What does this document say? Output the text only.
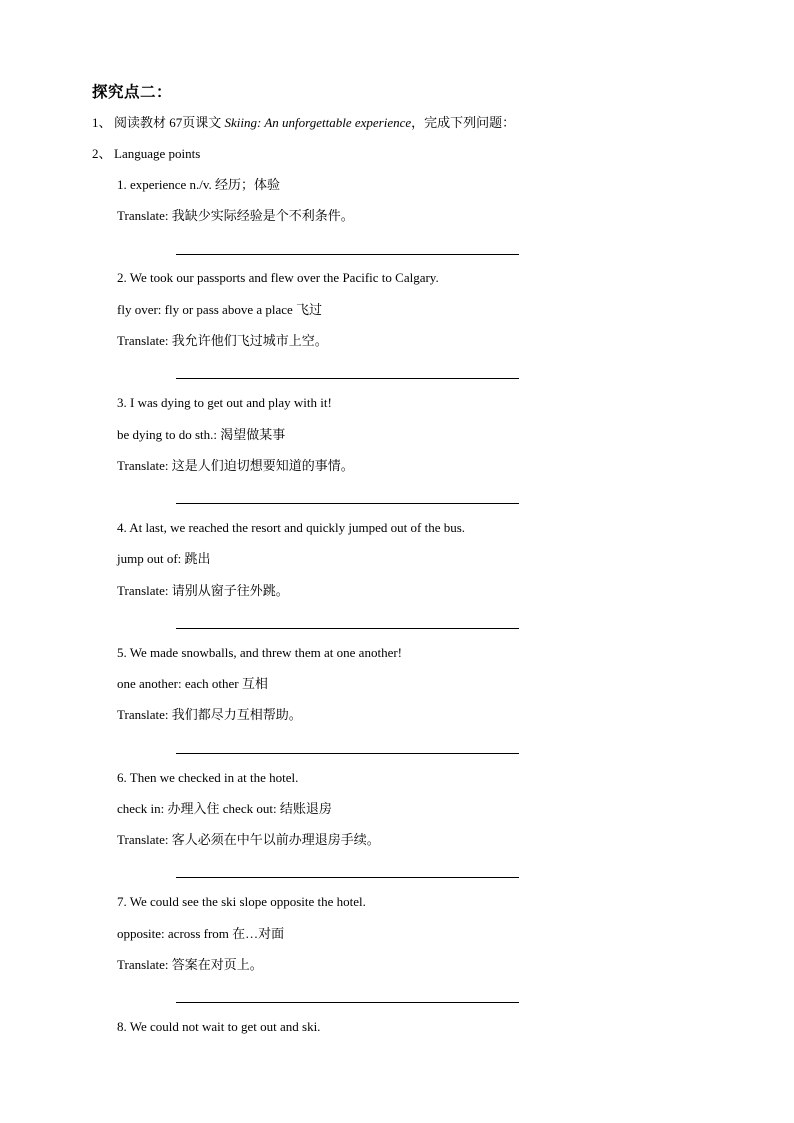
探究点二：
1、 阅读教材 67页课文 Skiing: An unforgettable experience，完成下列问题：
2、 Language points
1. experience n./v. 经历；体验
Translate: 我缺少实际经验是个不利条件。
2. We took our passports and flew over the Pacific to Calgary.
fly over: fly or pass above a place 飞过
Translate: 我允许他们飞过城市上空。
3. I was dying to get out and play with it!
be dying to do sth.: 渴望做某事
Translate: 这是人们迫切想要知道的事情。
4. At last, we reached the resort and quickly jumped out of the bus.
jump out of: 跳出
Translate: 请别从窗子往外跳。
5. We made snowballs, and threw them at one another!
one another: each other 互相
Translate: 我们都尽力互相帮助。
6. Then we checked in at the hotel.
check in: 办理入住 check out: 结账退房
Translate: 客人必须在中午以前办理退房手续。
7. We could see the ski slope opposite the hotel.
opposite: across from 在…对面
Translate: 答案在对页上。
8. We could not wait to get out and ski.
